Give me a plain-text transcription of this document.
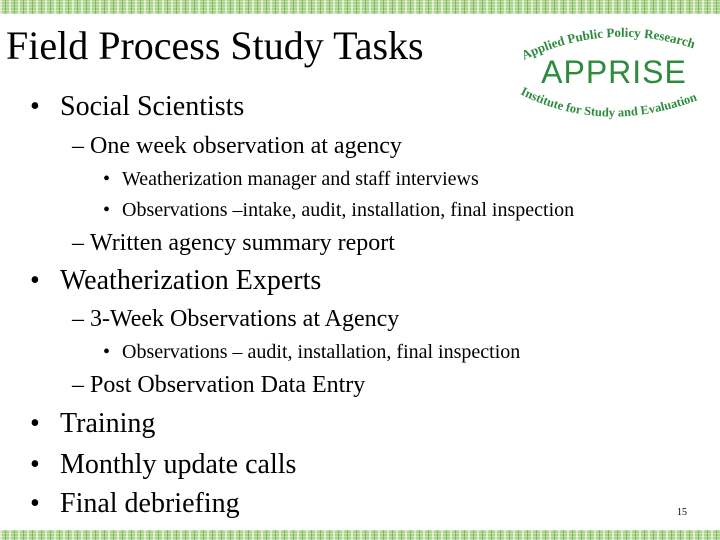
Field Process Study Tasks	Applied Public Policy Research
APPRISE
Institute for Study and Evaluation
• Social Scientists
– One week observation at agency
• Weatherization manager and staff interviews
• Observations –intake, audit, installation, final inspection
– Written agency summary report
• Weatherization Experts
– 3-Week Observations at Agency
• Observations – audit, installation, final inspection
– Post Observation Data Entry
• Training
• Monthly update calls
• Final debriefing	15
